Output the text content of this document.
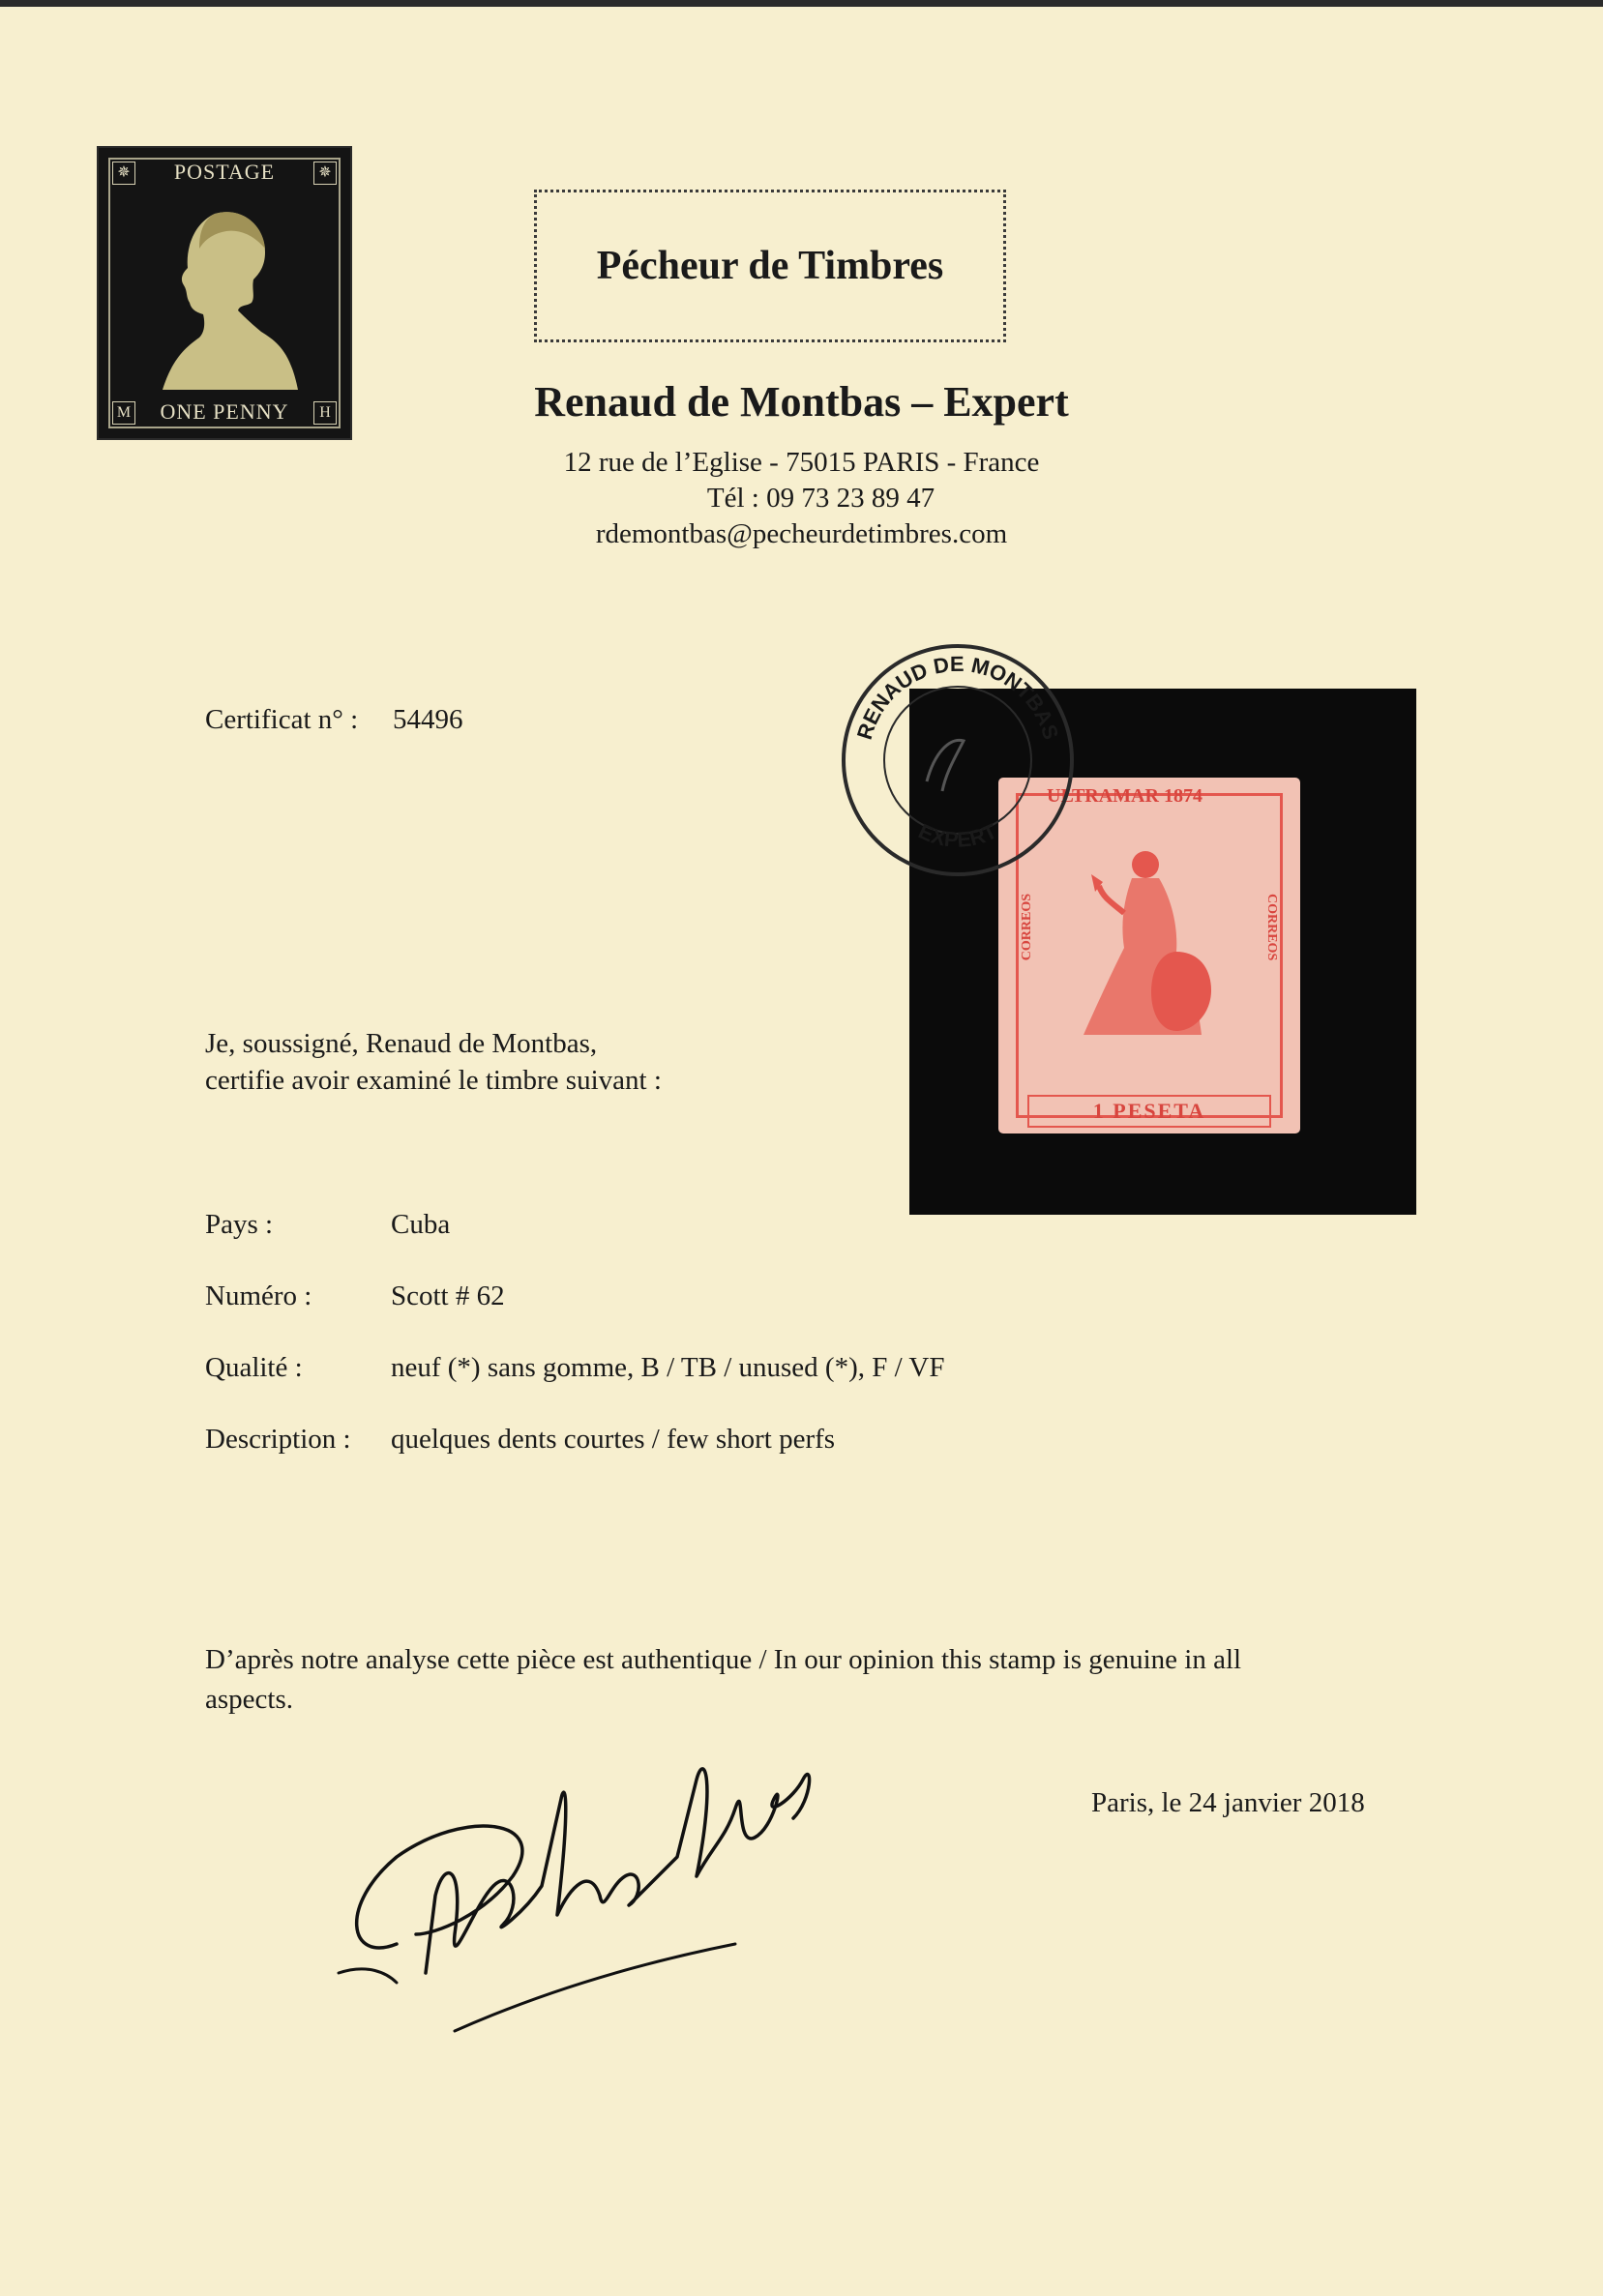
✵	✵
POSTAGE
M	H
ONE PENNY
Pécheur de Timbres
Renaud de Montbas – Expert
12 rue de l’Eglise - 75015 PARIS - France
Tél : 09 73 23 89 47
rdemontbas@pecheurdetimbres.com
Certificat n° : 54496
ULTRAMAR 1874
CORREOS	CORREOS
1 PESETA
RENAUD DE MONTBAS
EXPERT
Je, soussigné, Renaud de Montbas,
certifie avoir examiné le timbre suivant :
Pays :	Cuba
Numéro :	Scott # 62
Qualité :	neuf (*) sans gomme, B / TB / unused (*), F / VF
Description : quelques dents courtes / few short perfs
D’après notre analyse cette pièce est authentique / In our opinion this stamp is genuine in all
aspects.
Paris, le 24 janvier 2018
